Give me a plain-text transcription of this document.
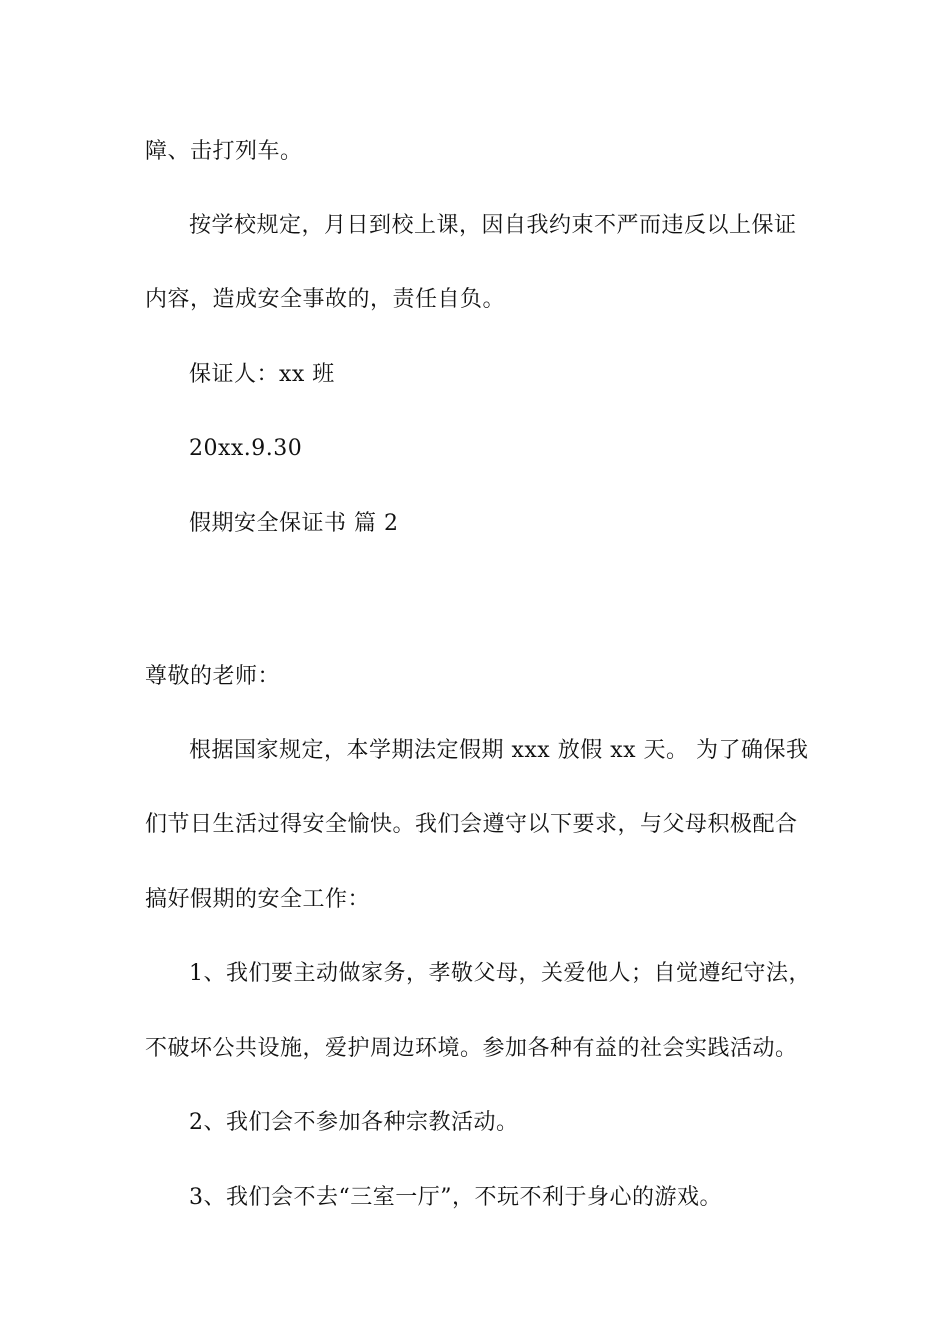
障、击打列车。
按学校规定，月日到校上课，因自我约束不严而违反以上保证
内容，造成安全事故的，责任自负。
保证人：xx 班
20xx.9.30
假期安全保证书 篇 2
尊敬的老师：
根据国家规定，本学期法定假期 xxx 放假 xx 天。 为了确保我
们节日生活过得安全愉快。我们会遵守以下要求，与父母积极配合
搞好假期的安全工作：
1、我们要主动做家务，孝敬父母，关爱他人；自觉遵纪守法，
不破坏公共设施，爱护周边环境。参加各种有益的社会实践活动。
2、我们会不参加各种宗教活动。
3、我们会不去“三室一厅”，不玩不利于身心的游戏。
